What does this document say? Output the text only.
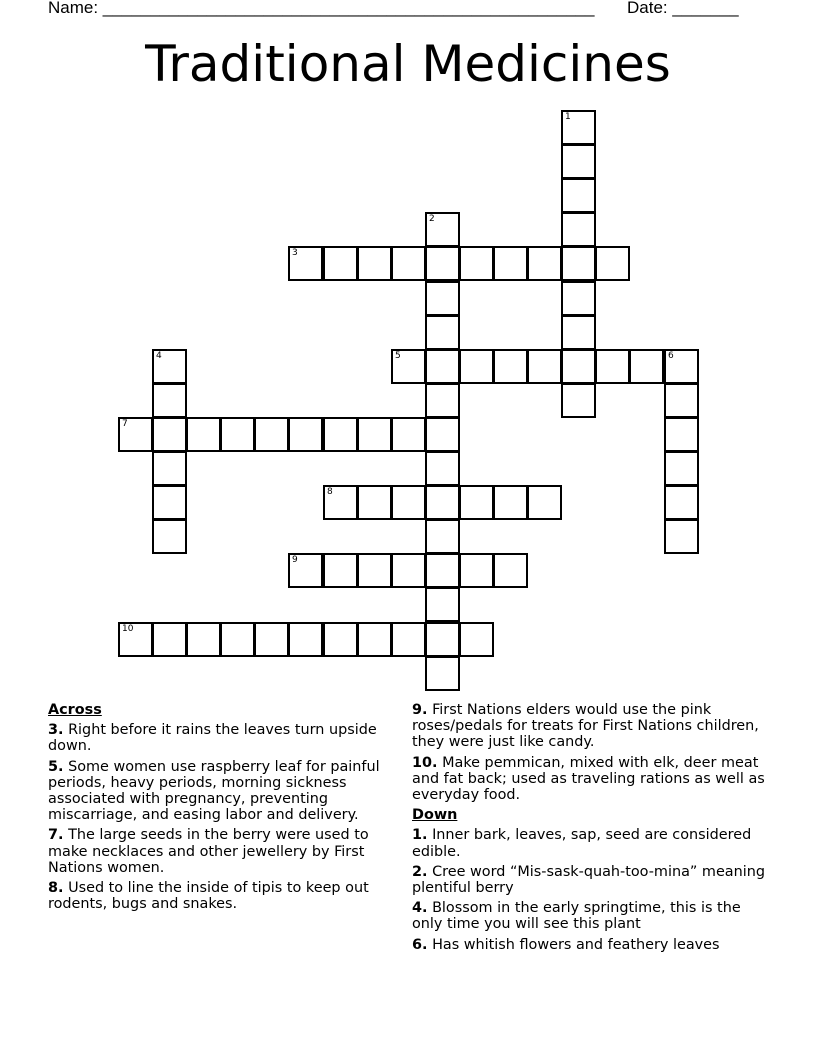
Name: ____________________________________________________ Date: _______
Traditional Medicines
1
2
3
4	5	6
7
8
9
10
Across
3. Right before it rains the leaves turn upside down.
5. Some women use raspberry leaf for painful periods, heavy periods, morning sickness associated with pregnancy, preventing miscarriage, and easing labor and delivery.
7. The large seeds in the berry were used to make necklaces and other jewellery by First Nations women.
8. Used to line the inside of tipis to keep out rodents, bugs and snakes.
9. First Nations elders would use the pink roses/pedals for treats for First Nations children, they were just like candy.
10. Make pemmican, mixed with elk, deer meat and fat back; used as traveling rations as well as everyday food.
Down
1. Inner bark, leaves, sap, seed are considered edible.
2. Cree word “Mis-sask-quah-too-mina” meaning plentiful berry
4. Blossom in the early springtime, this is the only time you will see this plant
6. Has whitish flowers and feathery leaves
